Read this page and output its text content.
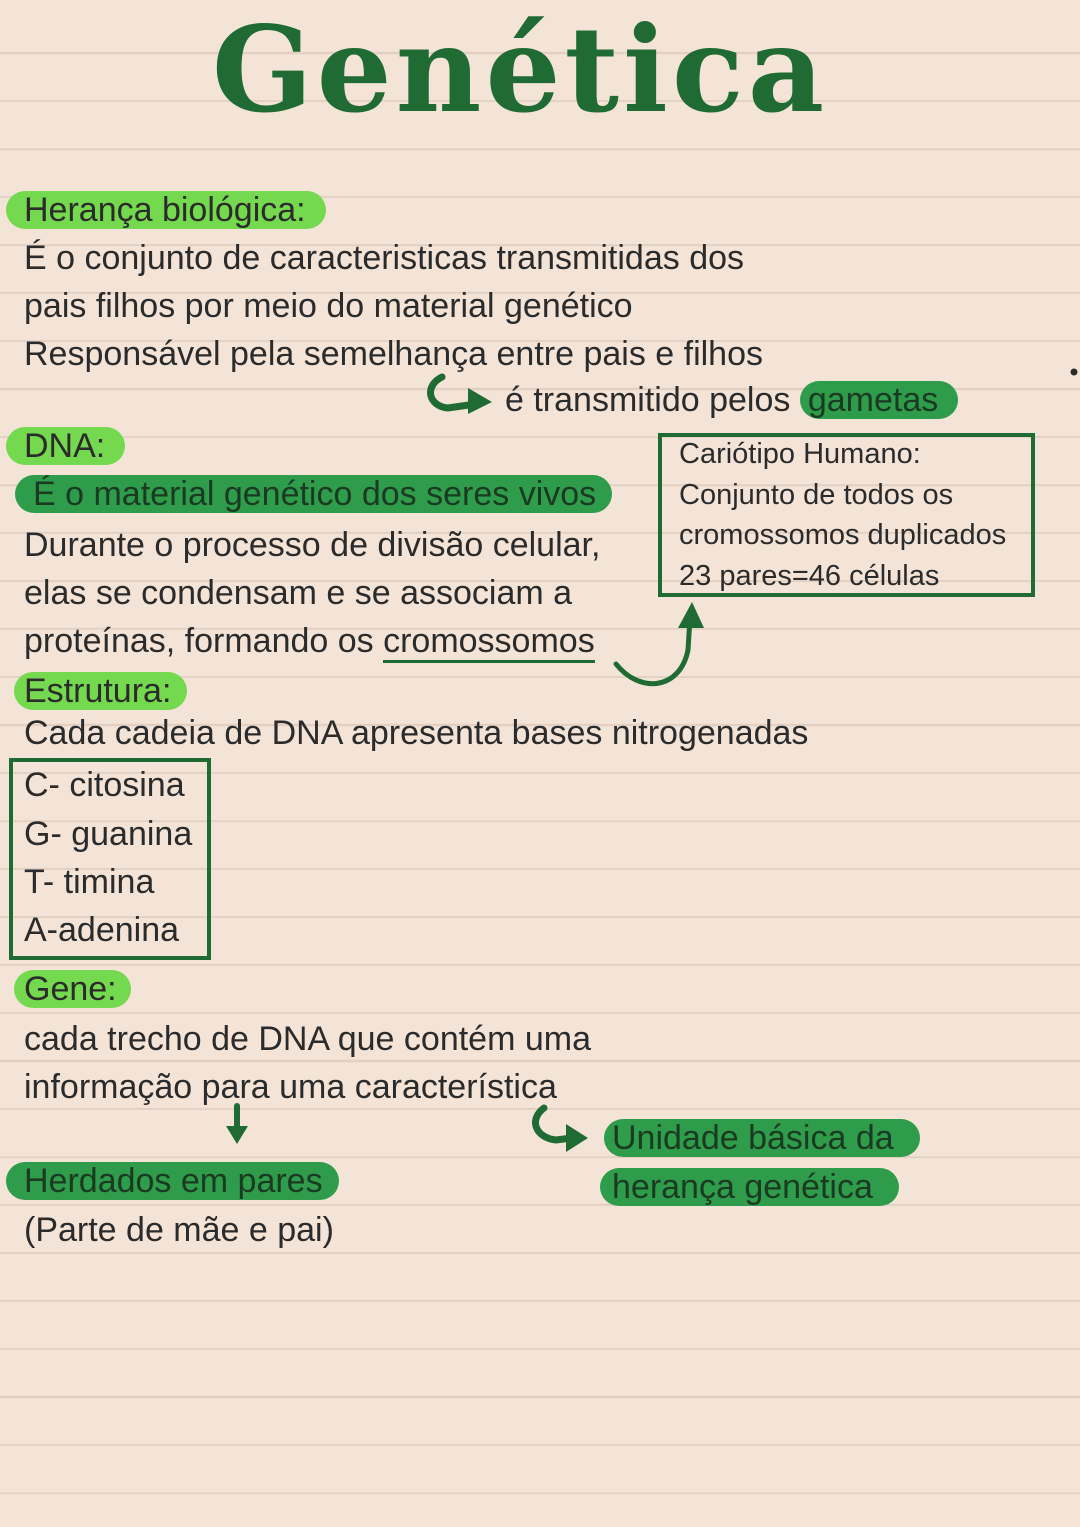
Genética
Herança biológica:
É o conjunto de caracteristicas transmitidas dos
pais filhos por meio do material genético
Responsável pela semelhança entre pais e filhos
é transmitido pelos gametas
DNA:
É o material genético dos seres vivos
Durante o processo de divisão celular,
elas se condensam e se associam a
proteínas, formando os cromossomos
Cariótipo Humano:
Conjunto de todos os
cromossomos duplicados
23 pares=46 células
Estrutura:
Cada cadeia de DNA apresenta bases nitrogenadas
C- citosina
G- guanina
T- timina
A-adenina
Gene:
cada trecho de DNA que contém uma
informação para uma característica
Herdados em pares
(Parte de mãe e pai)
Unidade básica da
herança genética
